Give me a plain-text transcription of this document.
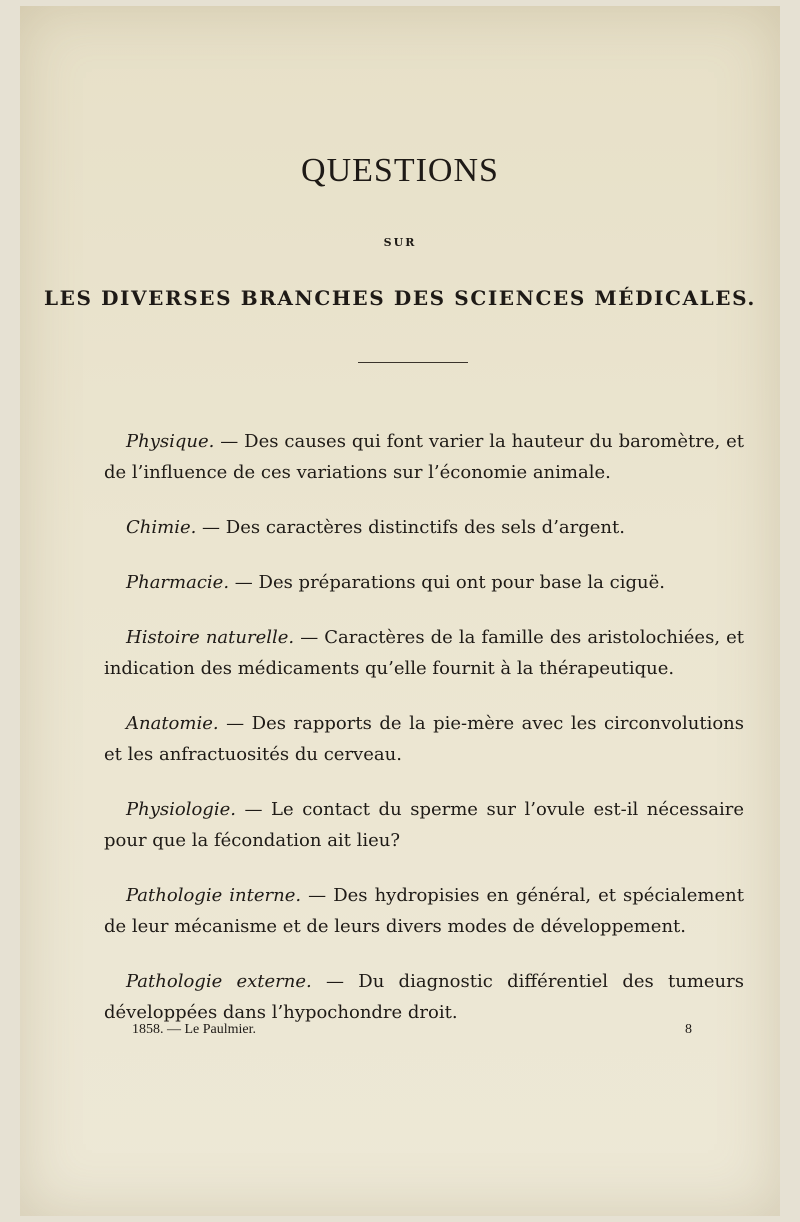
QUESTIONS
SUR
LES DIVERSES BRANCHES DES SCIENCES MÉDICALES.
Physique. — Des causes qui font varier la hauteur du baromètre, et de l’influence de ces variations sur l’économie animale.
Chimie. — Des caractères distinctifs des sels d’argent.
Pharmacie. — Des préparations qui ont pour base la ciguë.
Histoire naturelle. — Caractères de la famille des aristolochiées, et indication des médicaments qu’elle fournit à la thérapeutique.
Anatomie. — Des rapports de la pie-mère avec les circonvolutions et les anfractuosités du cerveau.
Physiologie. — Le contact du sperme sur l’ovule est-il nécessaire pour que la fécondation ait lieu?
Pathologie interne. — Des hydropisies en général, et spécialement de leur mécanisme et de leurs divers modes de développement.
Pathologie externe. — Du diagnostic différentiel des tumeurs développées dans l’hypochondre droit.
1858. — Le Paulmier.	8
